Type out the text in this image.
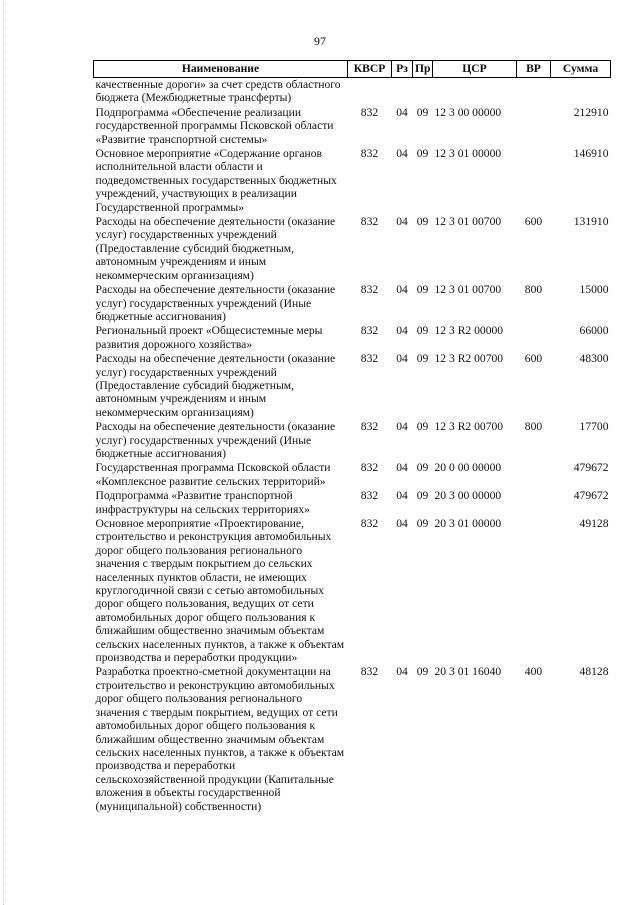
97
Наименование	КВСР	Рз	Пр	ЦСР	ВР	Сумма
качественные дороги» за счет средств областного бюджета (Межбюджетные трансферты)						
Подпрограмма «Обеспечение реализации государственной программы Псковской области «Развитие транспортной системы»	832	04	09	12 3 00 00000		212910
Основное мероприятие «Содержание органов исполнительной власти области и подведомственных государственных бюджетных учреждений, участвующих в реализации Государственной программы»	832	04	09	12 3 01 00000		146910
Расходы на обеспечение деятельности (оказание услуг) государственных учреждений (Предоставление субсидий бюджетным, автономным учреждениям и иным некоммерческим организациям)	832	04	09	12 3 01 00700	600	131910
Расходы на обеспечение деятельности (оказание услуг) государственных учреждений (Иные бюджетные ассигнования)	832	04	09	12 3 01 00700	800	15000
Региональный проект «Общесистемные меры развития дорожного хозяйства»	832	04	09	12 3 R2 00000		66000
Расходы на обеспечение деятельности (оказание услуг) государственных учреждений (Предоставление субсидий бюджетным, автономным учреждениям и иным некоммерческим организациям)	832	04	09	12 3 R2 00700	600	48300
Расходы на обеспечение деятельности (оказание услуг) государственных учреждений (Иные бюджетные ассигнования)	832	04	09	12 3 R2 00700	800	17700
Государственная программа Псковской области «Комплексное развитие сельских территорий»	832	04	09	20 0 00 00000		479672
Подпрограмма «Развитие транспортной инфраструктуры на сельских территориях»	832	04	09	20 3 00 00000		479672
Основное мероприятие «Проектирование, строительство и реконструкция автомобильных дорог общего пользования регионального значения с твердым покрытием до сельских населенных пунктов области, не имеющих круглогодичной связи с сетью автомобильных дорог общего пользования, ведущих от сети автомобильных дорог общего пользования к ближайшим общественно значимым объектам сельских населенных пунктов, а также к объектам производства и переработки продукции»	832	04	09	20 3 01 00000		49128
Разработка проектно-сметной документации на строительство и реконструкцию автомобильных дорог общего пользования регионального значения с твердым покрытием, ведущих от сети автомобильных дорог общего пользования к ближайшим общественно значимым объектам сельских населенных пунктов, а также к объектам производства и переработки сельскохозяйственной продукции (Капитальные вложения в объекты государственной (муниципальной) собственности)	832	04	09	20 3 01 16040	400	48128
